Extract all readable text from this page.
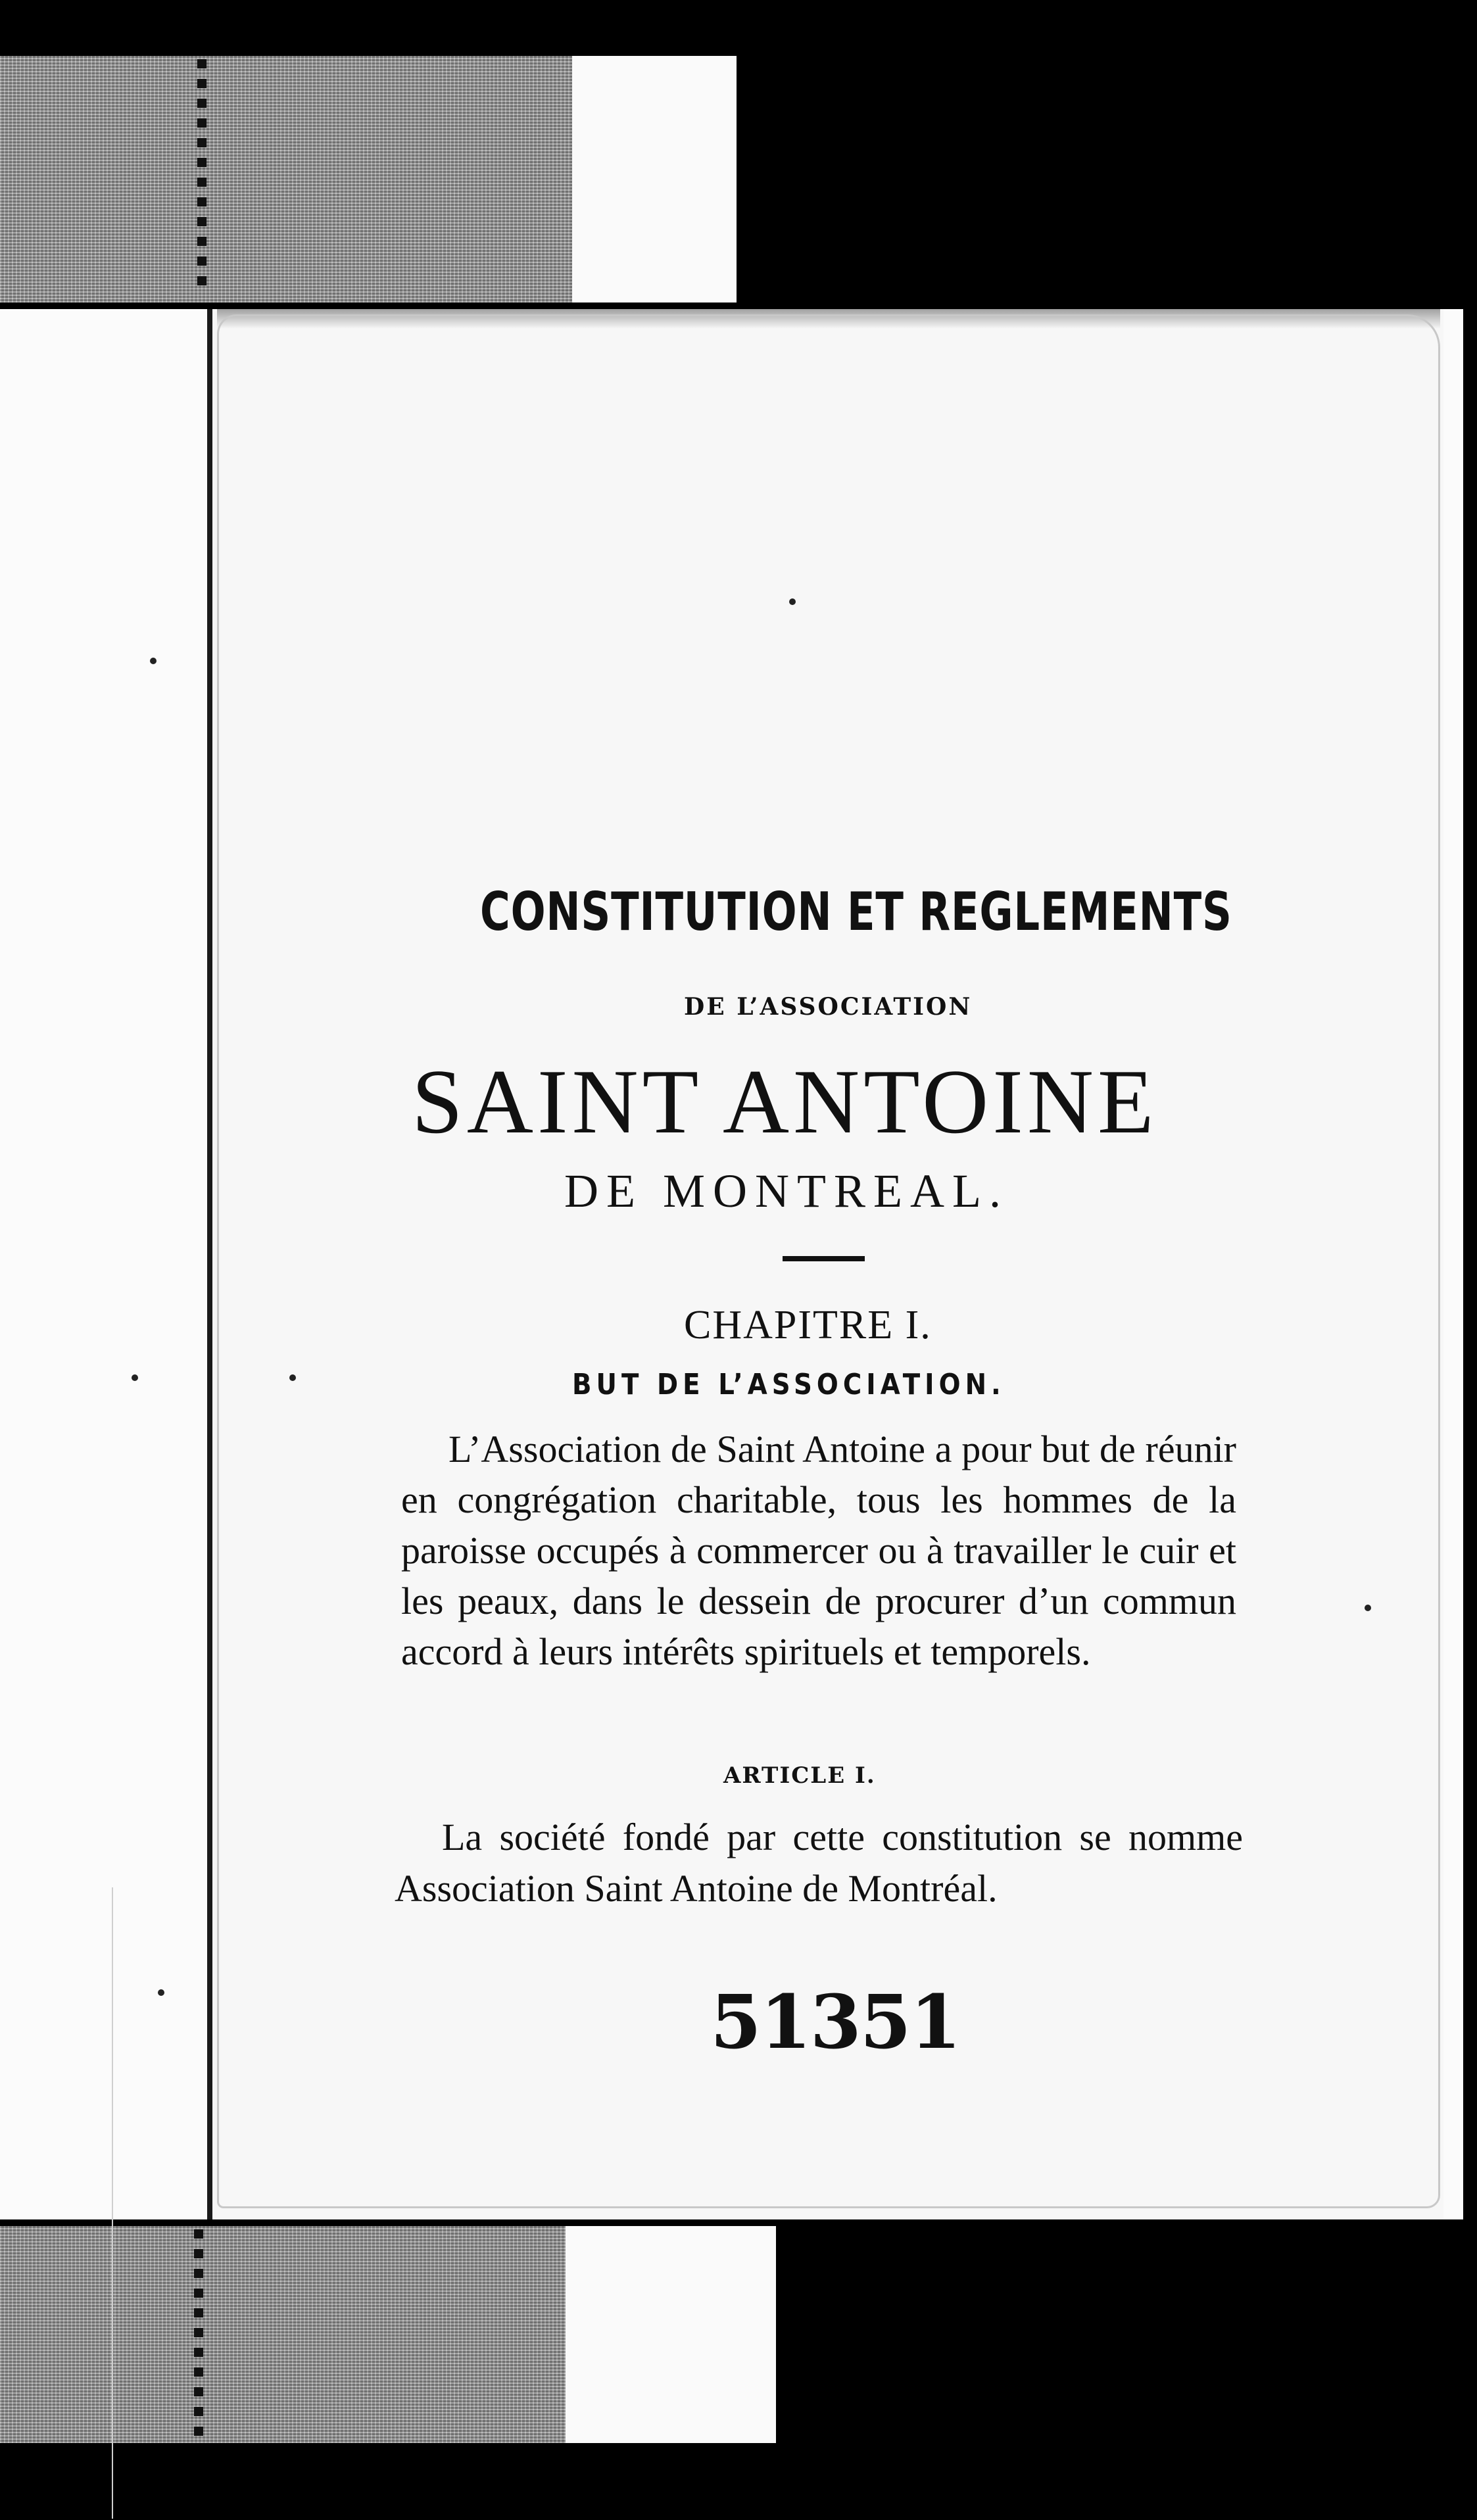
CONSTITUTION ET REGLEMENTS
DE L’ASSOCIATION
SAINT ANTOINE
DE MONTREAL.
CHAPITRE I.
BUT DE L’ASSOCIATION.

L’Association de Saint Antoine a pour but de réunir en congrégation charitable, tous les hommes de la paroisse occupés à commercer ou à travailler le cuir et les peaux, dans le dessein de procurer d’un commun accord à leurs intérêts spirituels et temporels.

ARTICLE I.

La société fondé par cette constitution se nomme Association Saint Antoine de Montréal.

51351
